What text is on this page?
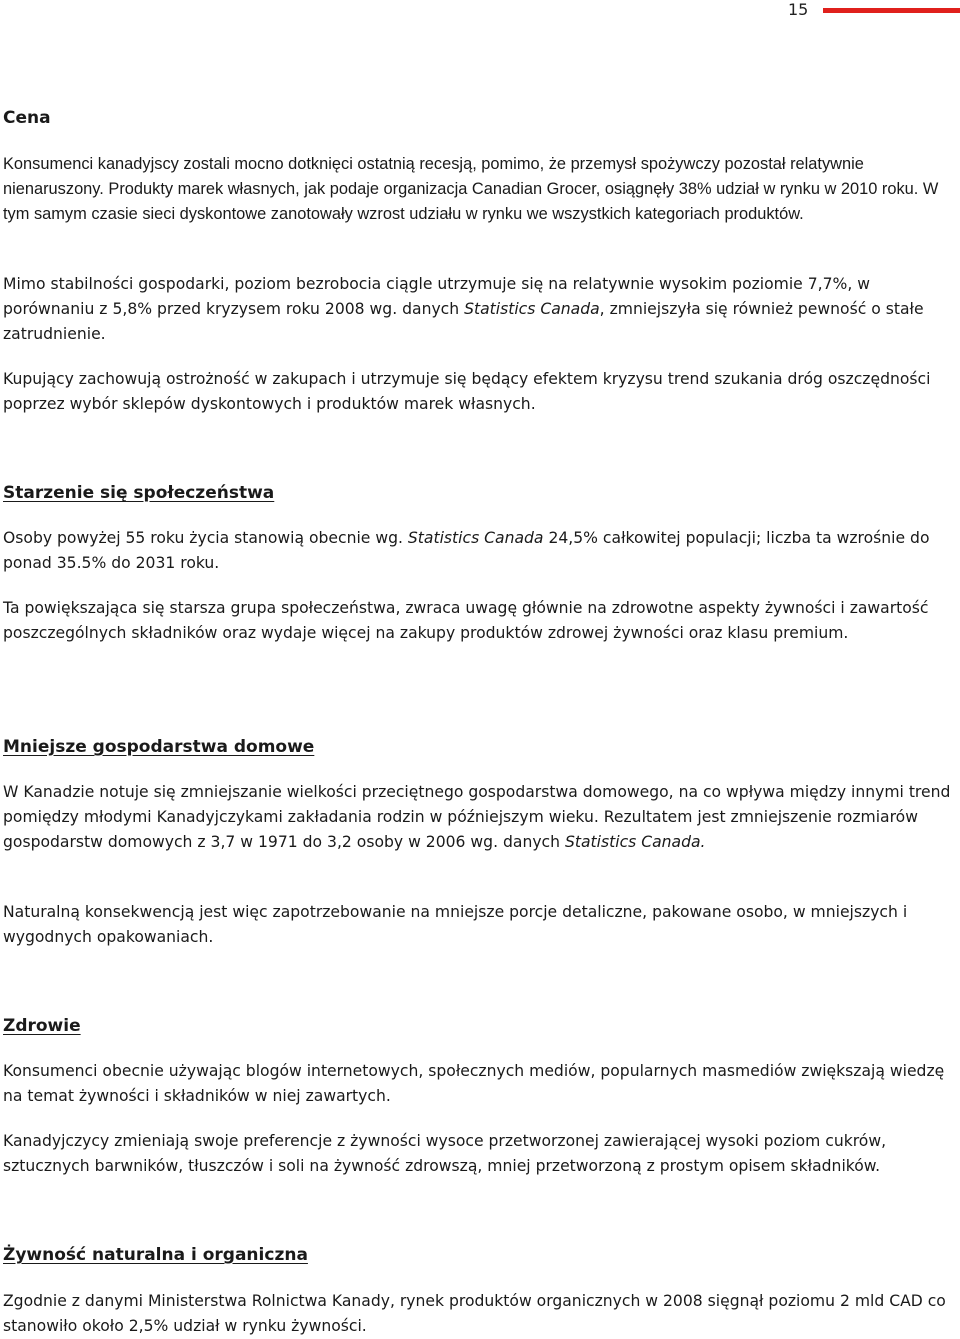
15
Cena

Konsumenci kanadyjscy zostali mocno dotknięci ostatnią recesją, pomimo, że przemysł spożywczy pozostał relatywnie nienaruszony. Produkty marek własnych, jak podaje organizacja Canadian Grocer, osiągnęły 38% udział w rynku w 2010 roku. W tym samym czasie sieci dyskontowe zanotowały wzrost udziału w rynku we wszystkich kategoriach produktów.

Mimo stabilności gospodarki, poziom bezrobocia ciągle utrzymuje się na relatywnie wysokim poziomie 7,7%, w porównaniu z 5,8% przed kryzysem roku 2008 wg. danych Statistics Canada, zmniejszyła się również pewność o stałe zatrudnienie.

Kupujący zachowują ostrożność w zakupach i utrzymuje się będący efektem kryzysu trend szukania dróg oszczędności poprzez wybór sklepów dyskontowych i produktów marek własnych.

Starzenie się społeczeństwa

Osoby powyżej 55 roku życia stanowią obecnie wg. Statistics Canada 24,5% całkowitej populacji; liczba ta wzrośnie do ponad 35.5% do 2031 roku.

Ta powiększająca się starsza grupa społeczeństwa, zwraca uwagę głównie na zdrowotne aspekty żywności i zawartość poszczególnych składników oraz wydaje więcej na zakupy produktów zdrowej żywności oraz klasu premium.

Mniejsze gospodarstwa domowe

W Kanadzie notuje się zmniejszanie wielkości przeciętnego gospodarstwa domowego, na co wpływa między innymi trend pomiędzy młodymi Kanadyjczykami zakładania rodzin w późniejszym wieku. Rezultatem jest zmniejszenie rozmiarów gospodarstw domowych z 3,7 w 1971 do 3,2 osoby w 2006 wg. danych Statistics Canada.

Naturalną konsekwencją jest więc zapotrzebowanie na mniejsze porcje detaliczne, pakowane osobo, w mniejszych i wygodnych opakowaniach.

Zdrowie

Konsumenci obecnie używając blogów internetowych, społecznych mediów, popularnych masmediów zwiększają wiedzę na temat żywności i składników w niej zawartych.

Kanadyjczycy zmieniają swoje preferencje z żywności wysoce przetworzonej zawierającej wysoki poziom cukrów, sztucznych barwników, tłuszczów i soli na żywność zdrowszą, mniej przetworzoną z prostym opisem składników.

Żywność naturalna i organiczna

Zgodnie z danymi Ministerstwa Rolnictwa Kanady, rynek produktów organicznych w 2008 sięgnął poziomu 2 mld CAD co stanowiło około 2,5% udział w rynku żywności.
